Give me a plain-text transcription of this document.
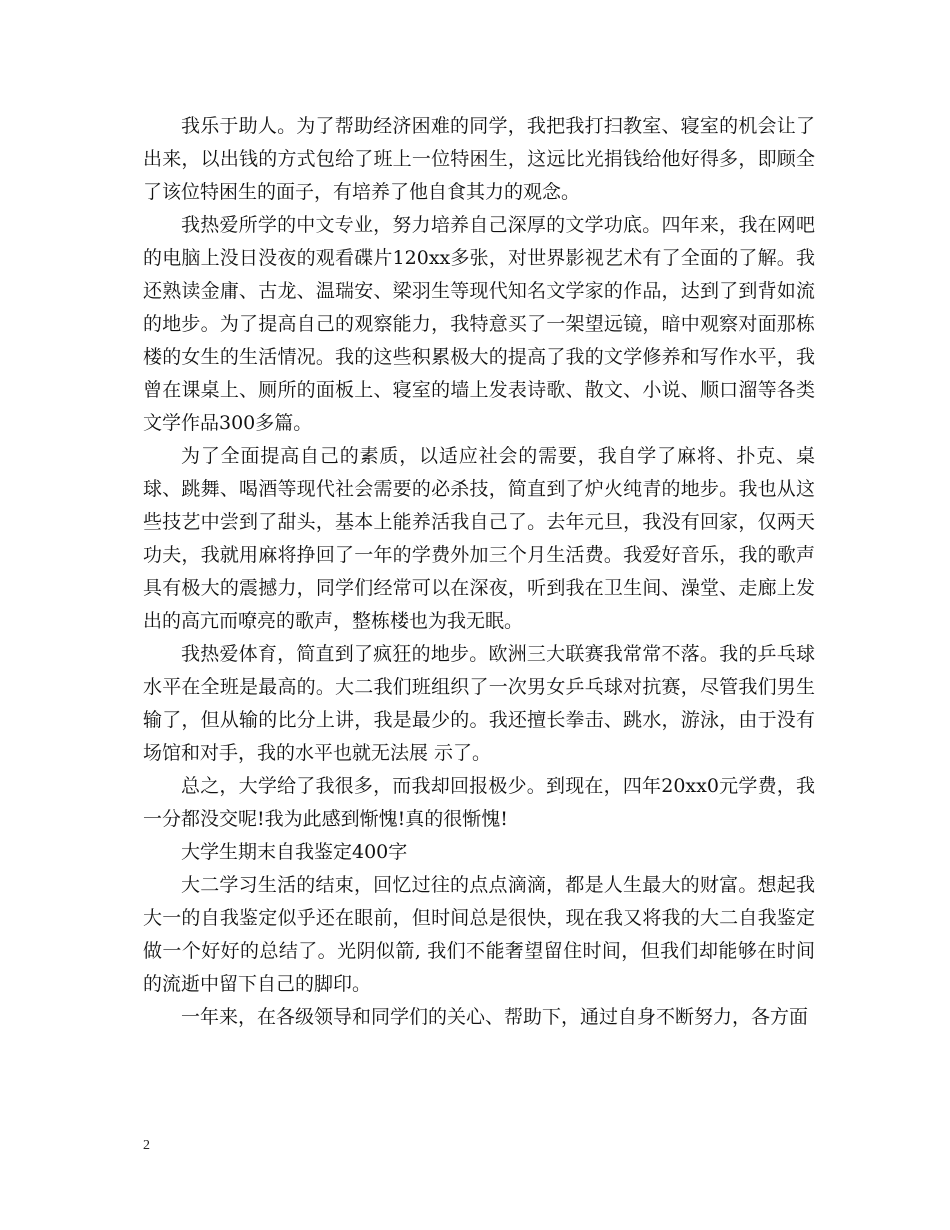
我乐于助人。为了帮助经济困难的同学，我把我打扫教室、寝室的机会让了出来，以出钱的方式包给了班上一位特困生，这远比光捐钱给他好得多，即顾全了该位特困生的面子，有培养了他自食其力的观念。

我热爱所学的中文专业，努力培养自己深厚的文学功底。四年来，我在网吧的电脑上没日没夜的观看碟片120xx多张，对世界影视艺术有了全面的了解。我还熟读金庸、古龙、温瑞安、梁羽生等现代知名文学家的作品，达到了到背如流的地步。为了提高自己的观察能力，我特意买了一架望远镜，暗中观察对面那栋楼的女生的生活情况。我的这些积累极大的提高了我的文学修养和写作水平，我曾在课桌上、厕所的面板上、寝室的墙上发表诗歌、散文、小说、顺口溜等各类文学作品300多篇。

为了全面提高自己的素质，以适应社会的需要，我自学了麻将、扑克、桌球、跳舞、喝酒等现代社会需要的必杀技，简直到了炉火纯青的地步。我也从这些技艺中尝到了甜头，基本上能养活我自己了。去年元旦，我没有回家，仅两天功夫，我就用麻将挣回了一年的学费外加三个月生活费。我爱好音乐，我的歌声具有极大的震撼力，同学们经常可以在深夜，听到我在卫生间、澡堂、走廊上发出的高亢而嘹亮的歌声，整栋楼也为我无眠。

我热爱体育，简直到了疯狂的地步。欧洲三大联赛我常常不落。我的乒乓球水平在全班是最高的。大二我们班组织了一次男女乒乓球对抗赛，尽管我们男生输了，但从输的比分上讲，我是最少的。我还擅长拳击、跳水，游泳，由于没有场馆和对手，我的水平也就无法展 示了。

总之，大学给了我很多，而我却回报极少。到现在，四年20xx0元学费，我一分都没交呢!我为此感到惭愧!真的很惭愧!

大学生期末自我鉴定400字

大二学习生活的结束，回忆过往的点点滴滴，都是人生最大的财富。想起我大一的自我鉴定似乎还在眼前，但时间总是很快，现在我又将我的大二自我鉴定做一个好好的总结了。光阴似箭, 我们不能奢望留住时间，但我们却能够在时间的流逝中留下自己的脚印。

一年来，在各级领导和同学们的关心、帮助下，通过自身不断努力，各方面

2
